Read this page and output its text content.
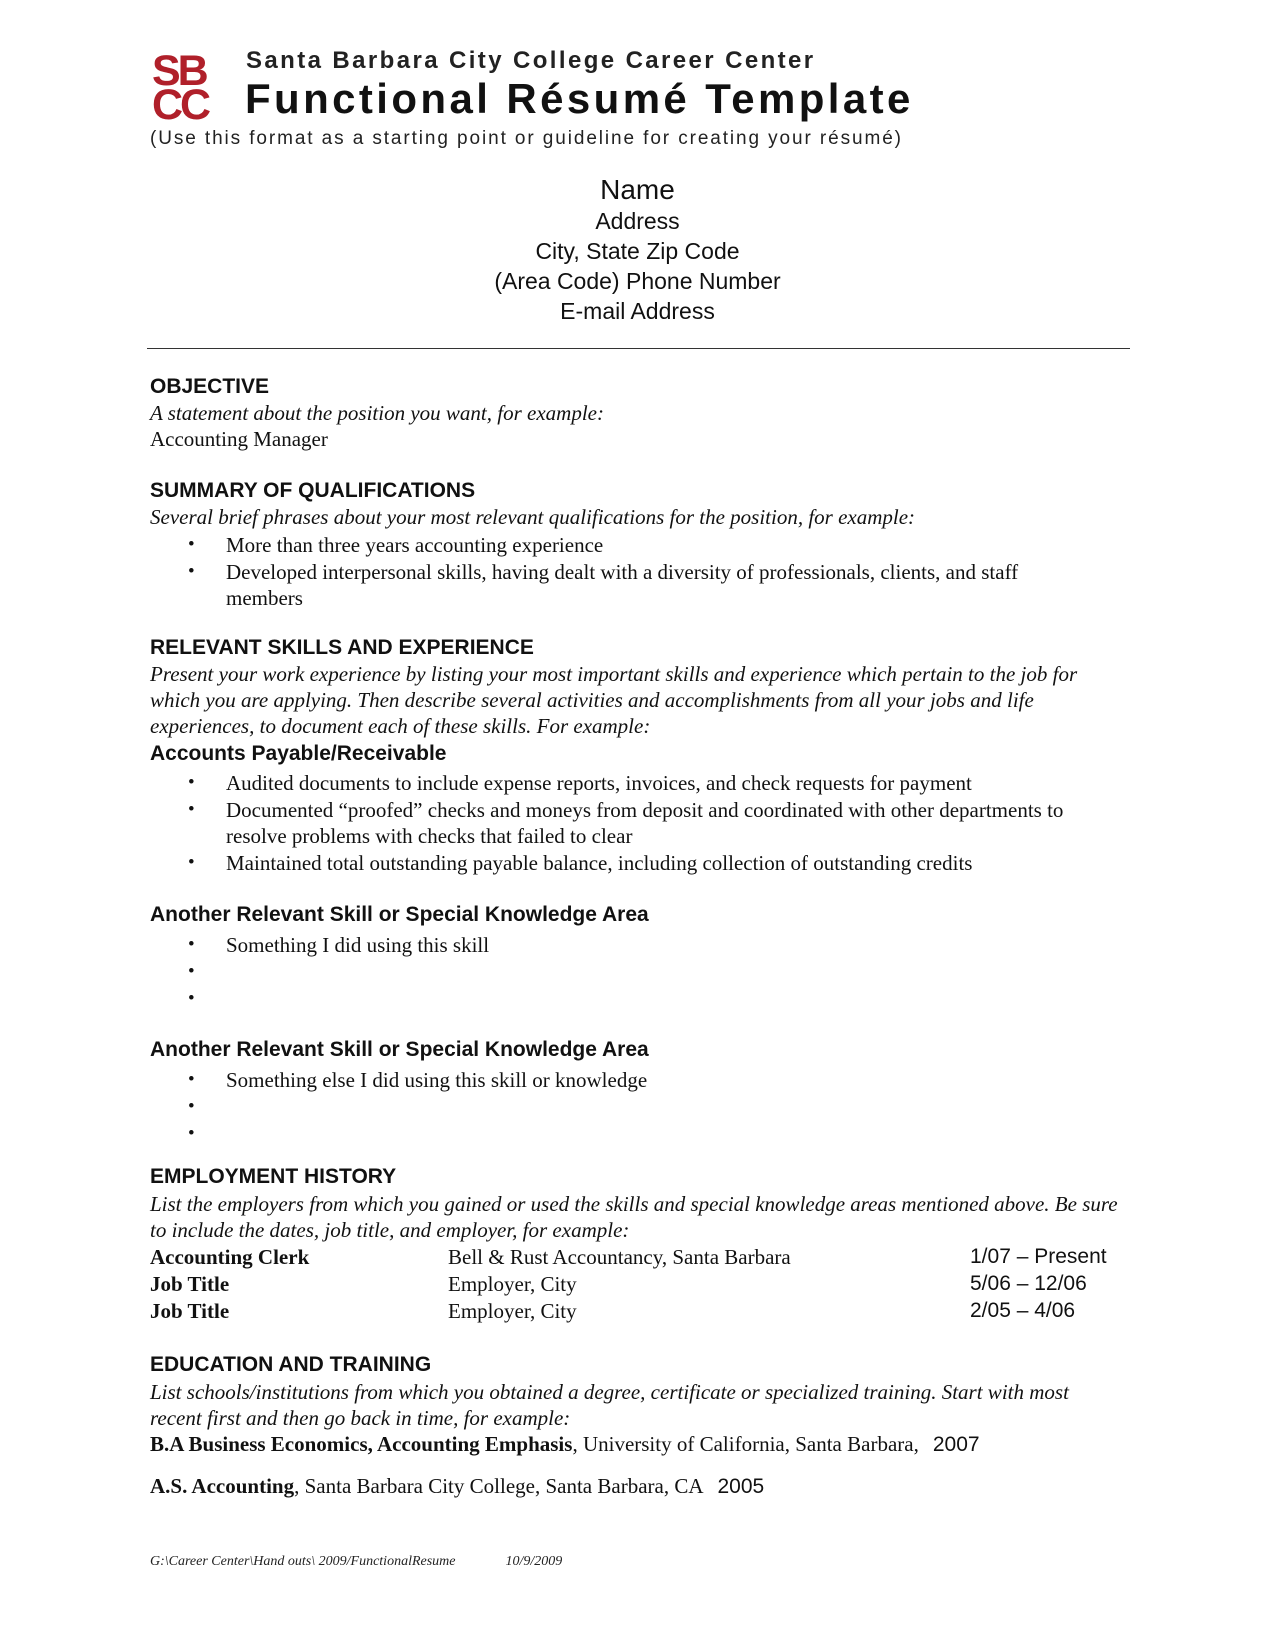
SB
CC
Santa Barbara City College Career Center
Functional Résumé Template
(Use this format as a starting point or guideline for creating your résumé)
Name
Address
City, State Zip Code
(Area Code) Phone Number
E-mail Address
OBJECTIVE
A statement about the position you want, for example:
Accounting Manager
SUMMARY OF QUALIFICATIONS
Several brief phrases about your most relevant qualifications for the position, for example:
• More than three years accounting experience
• Developed interpersonal skills, having dealt with a diversity of professionals, clients, and staff members
RELEVANT SKILLS AND EXPERIENCE
Present your work experience by listing your most important skills and experience which pertain to the job for which you are applying. Then describe several activities and accomplishments from all your jobs and life experiences, to document each of these skills. For example:
Accounts Payable/Receivable
• Audited documents to include expense reports, invoices, and check requests for payment
• Documented “proofed” checks and moneys from deposit and coordinated with other departments to resolve problems with checks that failed to clear
• Maintained total outstanding payable balance, including collection of outstanding credits
Another Relevant Skill or Special Knowledge Area
• Something I did using this skill
•
•
Another Relevant Skill or Special Knowledge Area
• Something else I did using this skill or knowledge
•
•
EMPLOYMENT HISTORY
List the employers from which you gained or used the skills and special knowledge areas mentioned above. Be sure to include the dates, job title, and employer, for example:
Accounting Clerk	Bell & Rust Accountancy, Santa Barbara	1/07 – Present
Job Title	Employer, City	5/06 – 12/06
Job Title	Employer, City	2/05 – 4/06
EDUCATION AND TRAINING
List schools/institutions from which you obtained a degree, certificate or specialized training. Start with most recent first and then go back in time, for example:
B.A Business Economics, Accounting Emphasis, University of California, Santa Barbara, 2007
A.S. Accounting, Santa Barbara City College, Santa Barbara, CA 2005
G:\Career Center\Hand outs\ 2009/FunctionalResume	10/9/2009
